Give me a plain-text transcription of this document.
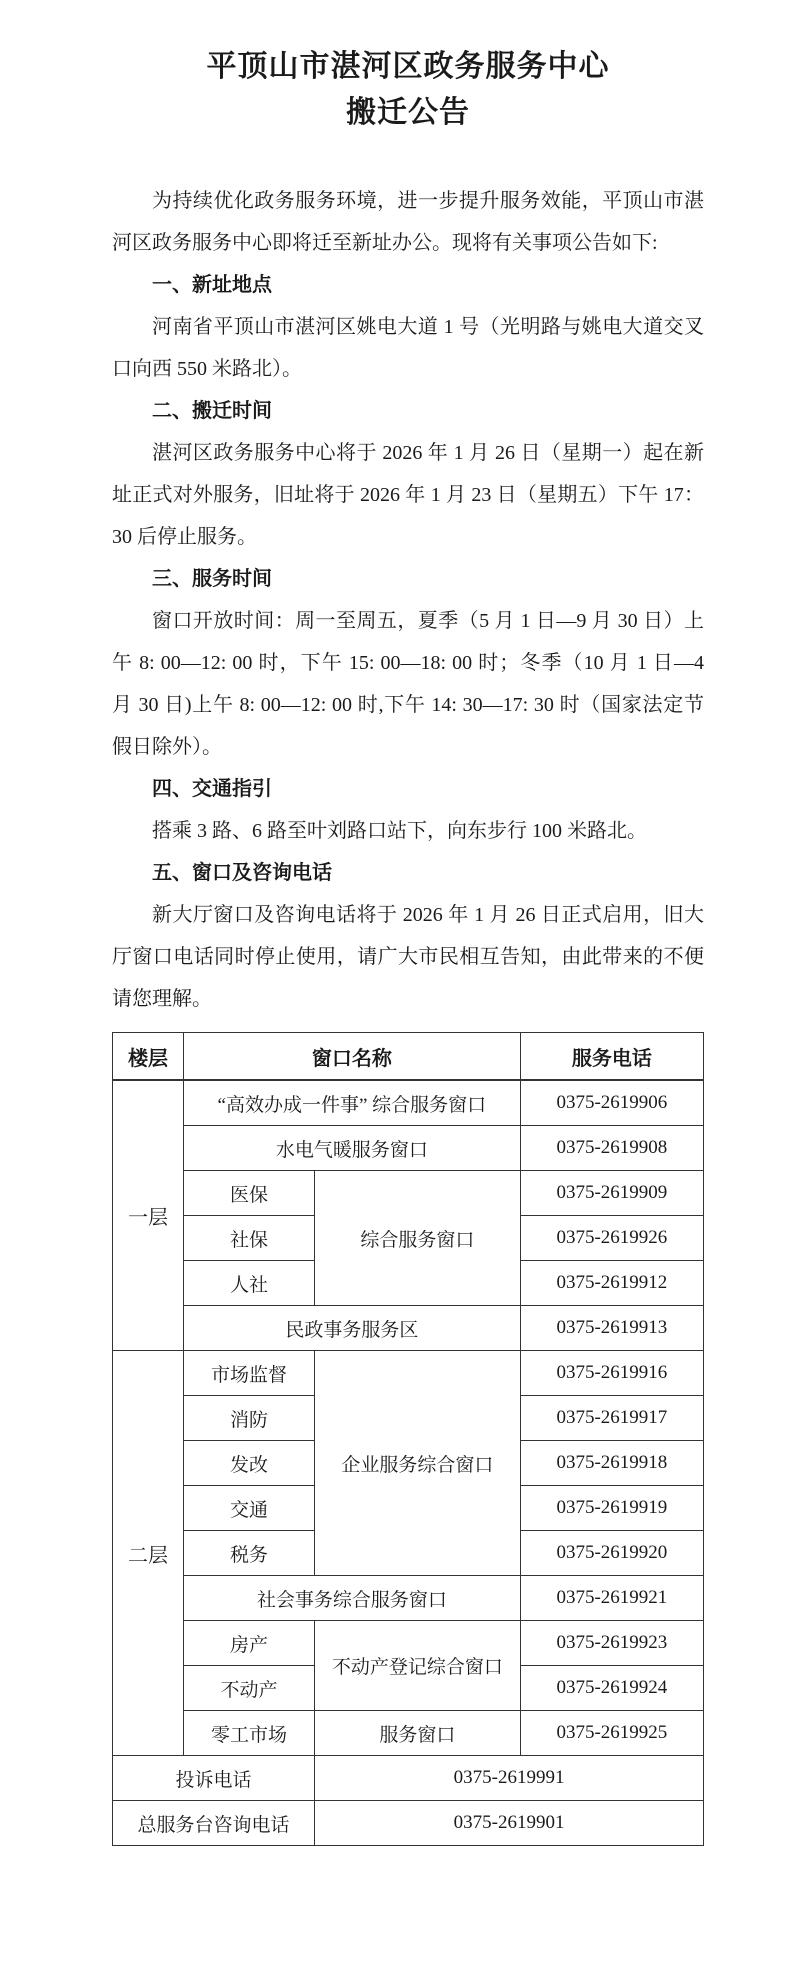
平顶山市湛河区政务服务中心
搬迁公告

为持续优化政务服务环境，进一步提升服务效能，平顶山市湛河区政务服务中心即将迁至新址办公。现将有关事项公告如下:

一、新址地点

河南省平顶山市湛河区姚电大道 1 号（光明路与姚电大道交叉口向西 550 米路北）。

二、搬迁时间

湛河区政务服务中心将于 2026 年 1 月 26 日（星期一）起在新址正式对外服务，旧址将于 2026 年 1 月 23 日（星期五）下午 17：30 后停止服务。

三、服务时间

窗口开放时间：周一至周五，夏季（5 月 1 日—9 月 30 日）上午 8: 00—12: 00 时，下午 15: 00—18: 00 时；冬季（10 月 1 日—4 月 30 日)上午 8: 00—12: 00 时,下午 14: 30—17: 30 时（国家法定节假日除外）。

四、交通指引

搭乘 3 路、6 路至叶刘路口站下，向东步行 100 米路北。

五、窗口及咨询电话

新大厅窗口及咨询电话将于 2026 年 1 月 26 日正式启用，旧大厅窗口电话同时停止使用，请广大市民相互告知，由此带来的不便请您理解。

楼层	窗口名称		服务电话
一层	“高效办成一件事” 综合服务窗口		0375-2619906
	水电气暖服务窗口		0375-2619908
	医保	综合服务窗口	0375-2619909
	社保		0375-2619926
	人社		0375-2619912
	民政事务服务区		0375-2619913
二层	市场监督	企业服务综合窗口	0375-2619916
	消防		0375-2619917
	发改		0375-2619918
	交通		0375-2619919
	税务		0375-2619920
	社会事务综合服务窗口		0375-2619921
	房产	不动产登记综合窗口	0375-2619923
	不动产		0375-2619924
	零工市场	服务窗口	0375-2619925
投诉电话		0375-2619991	
总服务台咨询电话		0375-2619901	
